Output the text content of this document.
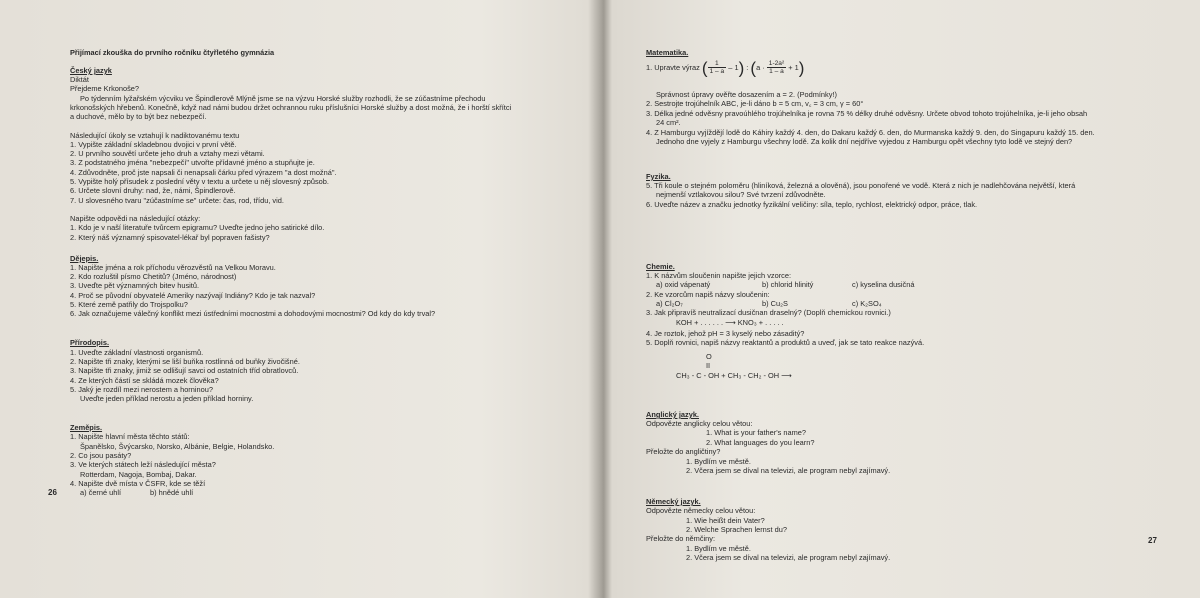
Přijímací zkouška do prvního ročníku čtyřletého gymnázia
Český jazyk
Diktát
Přejdeme Krkonoše?
Po týdenním lyžařském výcviku ve Špindlerově Mlýně jsme se na výzvu Horské služby rozhodli, že se zúčastníme přechodu
krkonošských hřebenů. Konečně, když nad námi budou držet ochrannou ruku příslušníci Horské služby a dost možná, že i horští skřítci
a duchové, mělo by to být bez nebezpečí.
Následující úkoly se vztahují k nadiktovanému textu
1. Vypište základní skladebnou dvojici v první větě.
2. U prvního souvětí určete jeho druh a vztahy mezi větami.
3. Z podstatného jména "nebezpečí" utvořte přídavné jméno a stupňujte je.
4. Zdůvodněte, proč jste napsali či nenapsali čárku před výrazem "a dost možná".
5. Vypište holý přísudek z poslední věty v textu a určete u něj slovesný způsob.
6. Určete slovní druhy: nad, že, námi, Špindlerově.
7. U slovesného tvaru "zúčastníme se" určete: čas, rod, třídu, vid.
Napište odpovědi na následující otázky:
1. Kdo je v naší literatuře tvůrcem epigramu? Uveďte jedno jeho satirické dílo.
2. Který náš významný spisovatel-lékař byl popraven fašisty?
Dějepis.
1. Napište jména a rok příchodu věrozvěstů na Velkou Moravu.
2. Kdo rozluštil písmo Chetitů? (Jméno, národnost)
3. Uveďte pět významných bitev husitů.
4. Proč se původní obyvatelé Ameriky nazývají Indiány? Kdo je tak nazval?
5. Které země patřily do Trojspolku?
6. Jak označujeme válečný konflikt mezi ústředními mocnostmi a dohodovými mocnostmi? Od kdy do kdy trval?
Přírodopis.
1. Uveďte základní vlastnosti organismů.
2. Napište tři znaky, kterými se liší buňka rostlinná od buňky živočišné.
3. Napište tři znaky, jimiž se odlišují savci od ostatních tříd obratlovců.
4. Ze kterých částí se skládá mozek člověka?
5. Jaký je rozdíl mezi nerostem a horninou?
Uveďte jeden příklad nerostu a jeden příklad horniny.
Zeměpis.
1. Napište hlavní města těchto států:
Španělsko, Švýcarsko, Norsko, Albánie, Belgie, Holandsko.
2. Co jsou pasáty?
3. Ve kterých státech leží následující města?
Rotterdam, Nagoja, Bombaj, Dakar.
4. Napište dvě místa v ČSFR, kde se těží
a) černé uhlí	b) hnědé uhlí
26
Matematika.
1. Upravte výraz ( $\frac{1}{1 - a} - 1$) : $(a \cdot \frac{\text{1-2a²}}{1 - a} + 1)$
Správnost úpravy ověřte dosazením a = 2. (Podmínky!)
2. Sestrojte trojúhelník ABC, je-li dáno b = 5 cm, v꜀ = 3 cm, γ = 60°
3. Délka jedné odvěsny pravoúhlého trojúhelníka je rovna 75 % délky druhé odvěsny. Určete obvod tohoto trojúhelníka, je-li jeho obsah
24 cm².
4. Z Hamburgu vyjíždějí lodě do Káhiry každý 4. den, do Dakaru každý 6. den, do Murmanska každý 9. den, do Singapuru každý 15. den.
Jednoho dne vyjely z Hamburgu všechny lodě. Za kolik dní nejdříve vyjedou z Hamburgu opět všechny tyto lodě ve stejný den?
Fyzika.
5. Tři koule o stejném poloměru (hliníková, železná a olověná), jsou ponořené ve vodě. Která z nich je nadlehčována největší, která
nejmenší vztlakovou silou? Své tvrzení zdůvodněte.
6. Uveďte název a značku jednotky fyzikální veličiny: síla, teplo, rychlost, elektrický odpor, práce, tlak.
Chemie.
1. K názvům sloučenin napište jejich vzorce:
a) oxid vápenatý	b) chlorid hlinitý	c) kyselina dusičná
2. Ke vzorcům napiš názvy sloučenin:
a) Cl₂O₇	b) Cu₂S	c) K₂SO₄
3. Jak připravíš neutralizací dusičnan draselný? (Doplň chemickou rovnici.)
KOH + . . . . . . ⟶ KNO₃ + . . . . .
4. Je roztok, jehož pH = 3 kyselý nebo zásaditý?
5. Doplň rovnici, napiš názvy reaktantů a produktů a uveď, jak se tato reakce nazývá.
O
II
CH₃ - C - OH + CH₃ - CH₂ - OH ⟶
Anglický jazyk.
Odpovězte anglicky celou větou:
1. What is your father's name?
2. What languages do you learn?
Přeložte do angličtiny?
1. Bydlím ve městě.
2. Včera jsem se díval na televizi, ale program nebyl zajímavý.
Německý jazyk.
Odpovězte německy celou větou:
1. Wie heißt dein Vater?
2. Welche Sprachen lernst du?
Přeložte do němčiny:
1. Bydlím ve městě.
2. Včera jsem se díval na televizi, ale program nebyl zajímavý.
27
